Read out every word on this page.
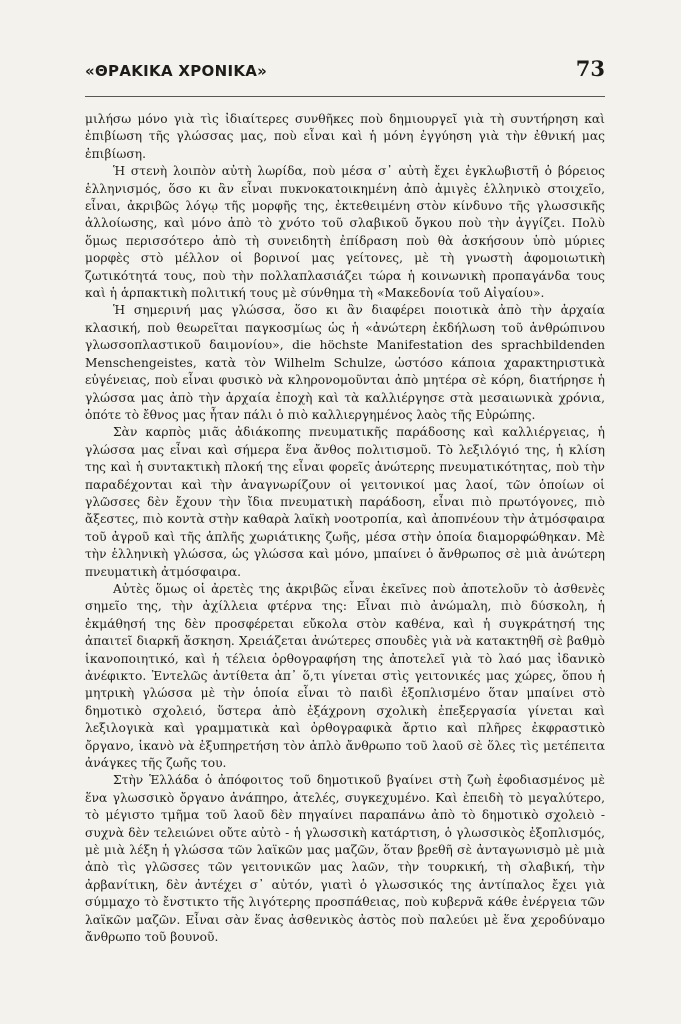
«ΘΡΑΚΙΚΑ ΧΡΟΝΙΚΑ»	73

μιλήσω μόνο γιὰ τὶς ἰδιαίτερες συνθῆκες ποὺ δημιουργεῖ γιὰ τὴ συντήρηση καὶ ἐπιβίωση τῆς γλώσσας μας, ποὺ εἶναι καὶ ἡ μόνη ἐγγύηση γιὰ τὴν ἐθνική μας ἐπιβίωση.

Ἡ στενὴ λοιπὸν αὐτὴ λωρίδα, ποὺ μέσα σ᾿ αὐτὴ ἔχει ἐγκλωβιστῆ ὁ βόρειος ἑλληνισμός, ὅσο κι ἂν εἶναι πυκνοκατοικημένη ἀπὸ ἀμιγὲς ἑλληνικὸ στοιχεῖο, εἶναι, ἀκριβῶς λόγῳ τῆς μορφῆς της, ἐκτεθειμένη στὸν κίνδυνο τῆς γλωσσικῆς ἀλλοίωσης, καὶ μόνο ἀπὸ τὸ χνότο τοῦ σλαβικοῦ ὄγκου ποὺ τὴν ἀγγίζει. Πολὺ ὅμως περισσότερο ἀπὸ τὴ συνειδητὴ ἐπίδραση ποὺ θὰ ἀσκήσουν ὑπὸ μύριες μορφὲς στὸ μέλλον οἱ βορινοί μας γείτονες, μὲ τὴ γνωστὴ ἀφομοιωτικὴ ζωτικότητά τους, ποὺ τὴν πολλαπλασιάζει τώρα ἡ κοινωνικὴ προπαγάνδα τους καὶ ἡ ἁρπακτικὴ πολιτική τους μὲ σύνθημα τὴ «Μακεδονία τοῦ Αἰγαίου».

Ἡ σημερινή μας γλώσσα, ὅσο κι ἂν διαφέρει ποιοτικὰ ἀπὸ τὴν ἀρχαία κλασική, ποὺ θεωρεῖται παγκοσμίως ὡς ἡ «ἀνώτερη ἐκδήλωση τοῦ ἀνθρώπινου γλωσσοπλαστικοῦ δαιμονίου», die höchste Manifestation des sprachbildenden Menschengeistes, κατὰ τὸν Wilhelm Schulze, ὡστόσο κάποια χαρακτηριστικὰ εὐγένειας, ποὺ εἶναι φυσικὸ νὰ κληρονομοῦνται ἀπὸ μητέρα σὲ κόρη, διατήρησε ἡ γλώσσα μας ἀπὸ τὴν ἀρχαία ἐποχὴ καὶ τὰ καλλιέργησε στὰ μεσαιωνικὰ χρόνια, ὁπότε τὸ ἔθνος μας ἦταν πάλι ὁ πιὸ καλλιεργημένος λαὸς τῆς Εὐρώπης.

Σὰν καρπὸς μιᾶς ἀδιάκοπης πνευματικῆς παράδοσης καὶ καλλιέργειας, ἡ γλώσσα μας εἶναι καὶ σήμερα ἕνα ἄνθος πολιτισμοῦ. Τὸ λεξιλόγιό της, ἡ κλίση της καὶ ἡ συντακτικὴ πλοκή της εἶναι φορεῖς ἀνώτερης πνευματικότητας, ποὺ τὴν παραδέχονται καὶ τὴν ἀναγνωρίζουν οἱ γειτονικοί μας λαοί, τῶν ὁποίων οἱ γλῶσσες δὲν ἔχουν τὴν ἴδια πνευματικὴ παράδοση, εἶναι πιὸ πρωτόγονες, πιὸ ἄξεστες, πιὸ κοντὰ στὴν καθαρὰ λαϊκὴ νοοτροπία, καὶ ἀποπνέουν τὴν ἀτμόσφαιρα τοῦ ἀγροῦ καὶ τῆς ἁπλῆς χωριάτικης ζωῆς, μέσα στὴν ὁποία διαμορφώθηκαν. Μὲ τὴν ἑλληνικὴ γλώσσα, ὡς γλώσσα καὶ μόνο, μπαίνει ὁ ἄνθρωπος σὲ μιὰ ἀνώτερη πνευματικὴ ἀτμόσφαιρα.

Αὐτὲς ὅμως οἱ ἀρετὲς της ἀκριβῶς εἶναι ἐκεῖνες ποὺ ἀποτελοῦν τὸ ἀσθενὲς σημεῖο της, τὴν ἀχίλλεια φτέρνα της: Εἶναι πιὸ ἀνώμαλη, πιὸ δύσκολη, ἡ ἐκμάθησή της δὲν προσφέρεται εὔκολα στὸν καθένα, καὶ ἡ συγκράτησή της ἀπαιτεῖ διαρκῆ ἄσκηση. Χρειάζεται ἀνώτερες σπουδὲς γιὰ νὰ κατακτηθῆ σὲ βαθμὸ ἱκανοποιητικό, καὶ ἡ τέλεια ὀρθογραφήση της ἀποτελεῖ γιὰ τὸ λαό μας ἰδανικὸ ἀνέφικτο. Ἐντελῶς ἀντίθετα ἀπ᾿ ὅ,τι γίνεται στὶς γειτονικές μας χώρες, ὅπου ἡ μητρικὴ γλώσσα μὲ τὴν ὁποία εἶναι τὸ παιδὶ ἐξοπλισμένο ὅταν μπαίνει στὸ δημοτικὸ σχολειό, ὕστερα ἀπὸ ἐξάχρονη σχολικὴ ἐπεξεργασία γίνεται καὶ λεξιλογικὰ καὶ γραμματικὰ καὶ ὀρθογραφικὰ ἄρτιο καὶ πλῆρες ἐκφραστικὸ ὄργανο, ἱκανὸ νὰ ἐξυπηρετήση τὸν ἁπλὸ ἄνθρωπο τοῦ λαοῦ σὲ ὅλες τὶς μετέπειτα ἀνάγκες τῆς ζωῆς του.

Στὴν Ἑλλάδα ὁ ἀπόφοιτος τοῦ δημοτικοῦ βγαίνει στὴ ζωὴ ἐφοδιασμένος μὲ ἕνα γλωσσικὸ ὄργανο ἀνάπηρο, ἀτελές, συγκεχυμένο. Καὶ ἐπειδὴ τὸ μεγαλύτερο, τὸ μέγιστο τμῆμα τοῦ λαοῦ δὲν πηγαίνει παραπάνω ἀπὸ τὸ δημοτικὸ σχολειὸ - συχνὰ δὲν τελειώνει οὔτε αὐτὸ - ἡ γλωσσικὴ κατάρτιση, ὁ γλωσσικὸς ἐξοπλισμός, μὲ μιὰ λέξη ἡ γλώσσα τῶν λαϊκῶν μας μαζῶν, ὅταν βρεθῆ σὲ ἀνταγωνισμὸ μὲ μιὰ ἀπὸ τὶς γλῶσσες τῶν γειτονικῶν μας λαῶν, τὴν τουρκική, τὴ σλαβική, τὴν ἀρβανίτικη, δὲν ἀντέχει σ᾿ αὐτόν, γιατὶ ὁ γλωσσικός της ἀντίπαλος ἔχει γιὰ σύμμαχο τὸ ἔνστικτο τῆς λιγότερης προσπάθειας, ποὺ κυβερνᾶ κάθε ἐνέργεια τῶν λαϊκῶν μαζῶν. Εἶναι σὰν ἕνας ἀσθενικὸς ἀστὸς ποὺ παλεύει μὲ ἕνα χεροδύναμο ἄνθρωπο τοῦ βουνοῦ.
